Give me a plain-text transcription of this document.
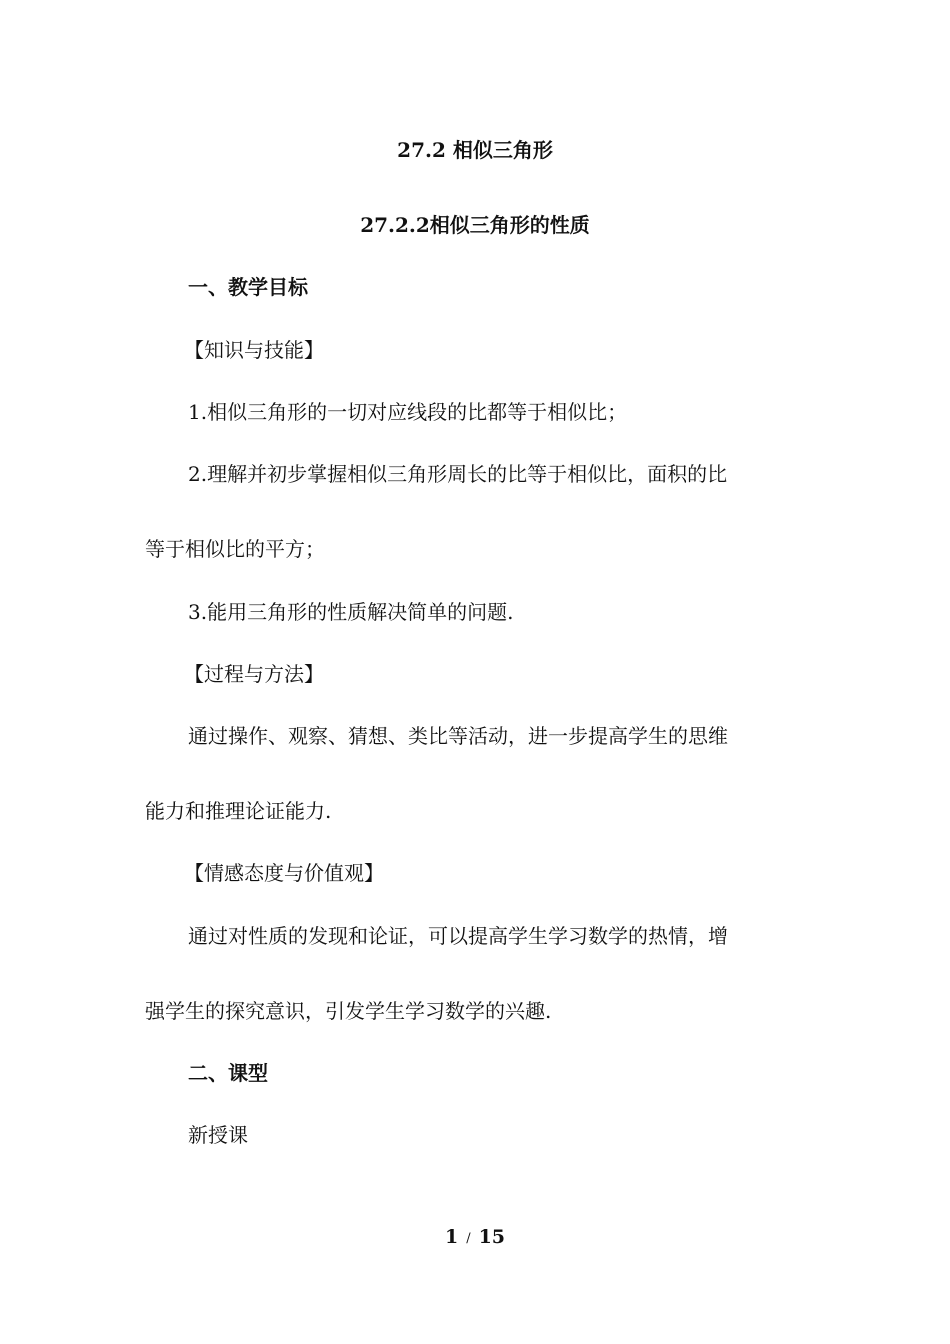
27.2 相似三角形
27.2.2相似三角形的性质
一、教学目标
【知识与技能】
1.相似三角形的一切对应线段的比都等于相似比；
2.理解并初步掌握相似三角形周长的比等于相似比，面积的比
等于相似比的平方；
3.能用三角形的性质解决简单的问题.
【过程与方法】
通过操作、观察、猜想、类比等活动，进一步提高学生的思维
能力和推理论证能力.
【情感态度与价值观】
通过对性质的发现和论证，可以提高学生学习数学的热情，增
强学生的探究意识，引发学生学习数学的兴趣.
二、课型
新授课
1 / 15
